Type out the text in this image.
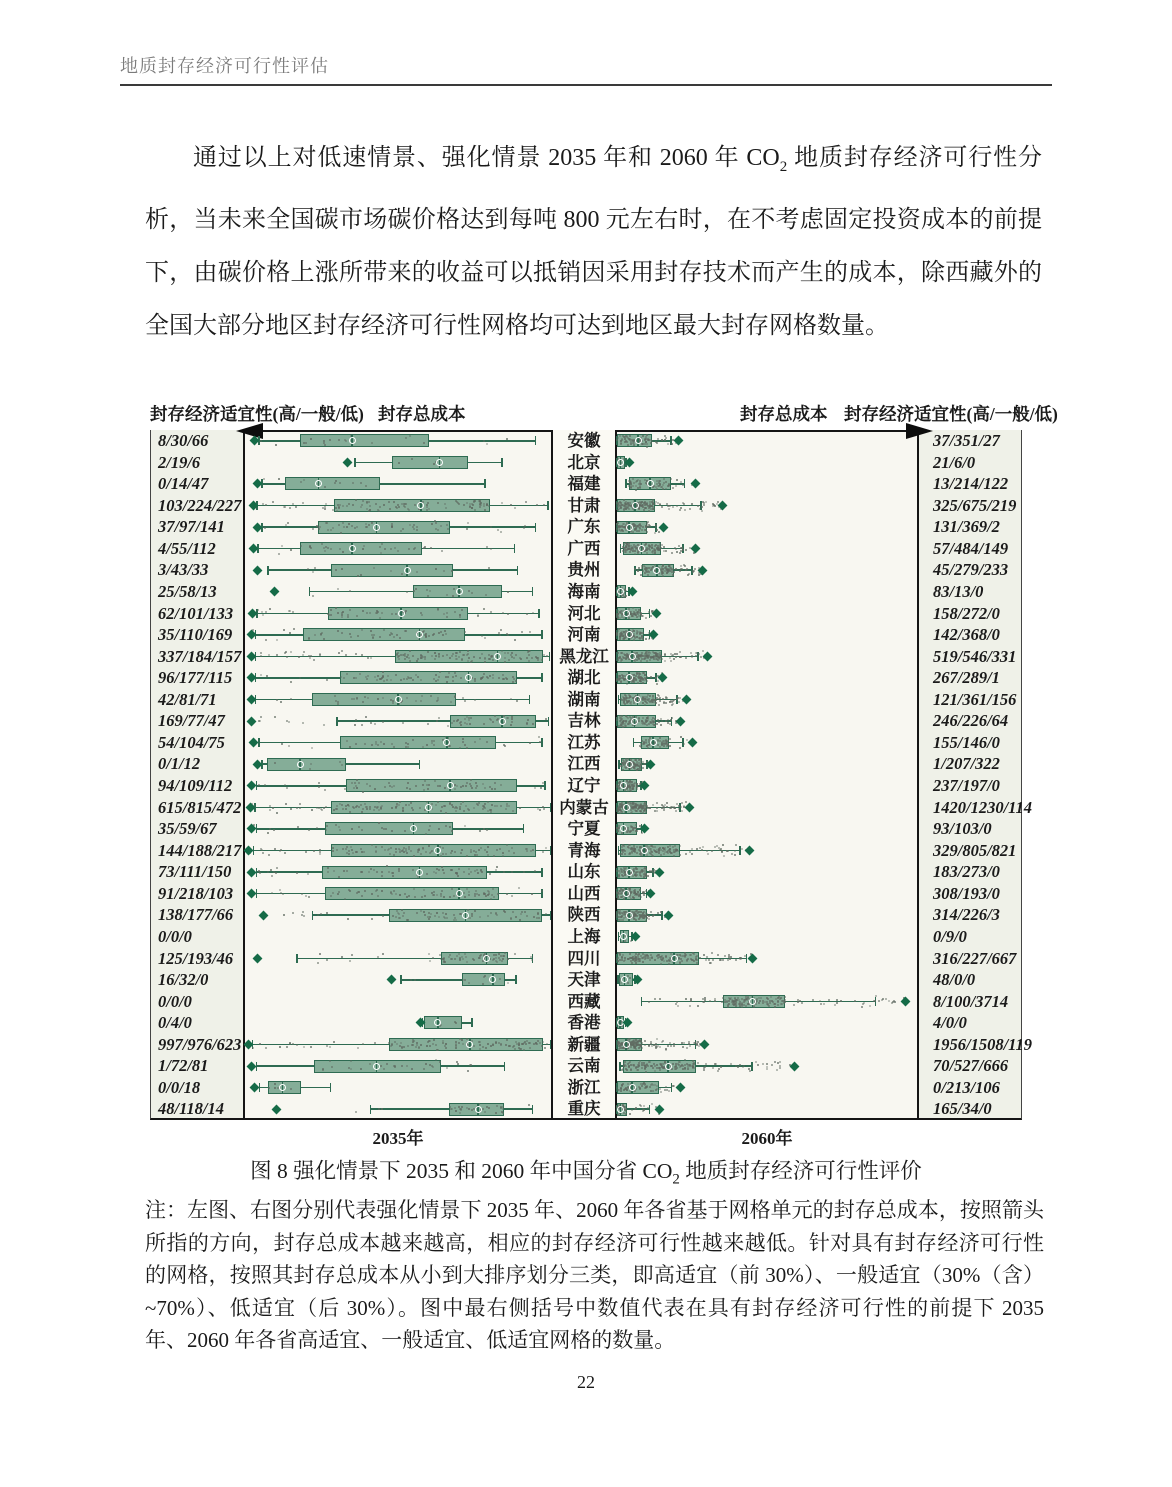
地质封存经济可行性评估

通过以上对低速情景、强化情景 2035 年和 2060 年 $CO_2$ 地质封存经济可行性分析，当未来全国碳市场碳价格达到每吨 800 元左右时，在不考虑固定投资成本的前提下，由碳价格上涨所带来的收益可以抵销因采用封存技术而产生的成本，除西藏外的全国大部分地区封存经济可行性网格均可达到地区最大封存网格数量。

封存经济适宜性(高/一般/低) 封存总成本	封存总成本 封存经济适宜性(高/一般/低)
8/30/66	安徽	37/351/27
2/19/6	北京	21/6/0
0/14/47	福建	13/214/122
103/224/227	甘肃	325/675/219
37/97/141	广东	131/369/2
4/55/112	广西	57/484/149
3/43/33	贵州	45/279/233
25/58/13	海南	83/13/0
62/101/133	河北	158/272/0
35/110/169	河南	142/368/0
337/184/157	黑龙江	519/546/331
96/177/115	湖北	267/289/1
42/81/71	湖南	121/361/156
169/77/47	吉林	246/226/64
54/104/75	江苏	155/146/0
0/1/12	江西	1/207/322
94/109/112	辽宁	237/197/0
615/815/472	内蒙古	1420/1230/114
35/59/67	宁夏	93/103/0
144/188/217	青海	329/805/821
73/111/150	山东	183/273/0
91/218/103	山西	308/193/0
138/177/66	陕西	314/226/3
0/0/0	上海	0/9/0
125/193/46	四川	316/227/667
16/32/0	天津	48/0/0
0/0/0	西藏	8/100/3714
0/4/0	香港	4/0/0
997/976/623	新疆	1956/1508/119
1/72/81	云南	70/527/666
0/0/18	浙江	0/213/106
48/118/14	重庆	165/34/0
2035年	2060年
图 8 强化情景下 2035 和 2060 年中国分省 $CO_2$ 地质封存经济可行性评价

注：左图、右图分别代表强化情景下 2035 年、2060 年各省基于网格单元的封存总成本，按照箭头所指的方向，封存总成本越来越高，相应的封存经济可行性越来越低。针对具有封存经济可行性的网格，按照其封存总成本从小到大排序划分三类，即高适宜（前 30%）、一般适宜（30%（含）~70%）、低适宜（后 30%）。图中最右侧括号中数值代表在具有封存经济可行性的前提下 2035 年、2060 年各省高适宜、一般适宜、低适宜网格的数量。

22
